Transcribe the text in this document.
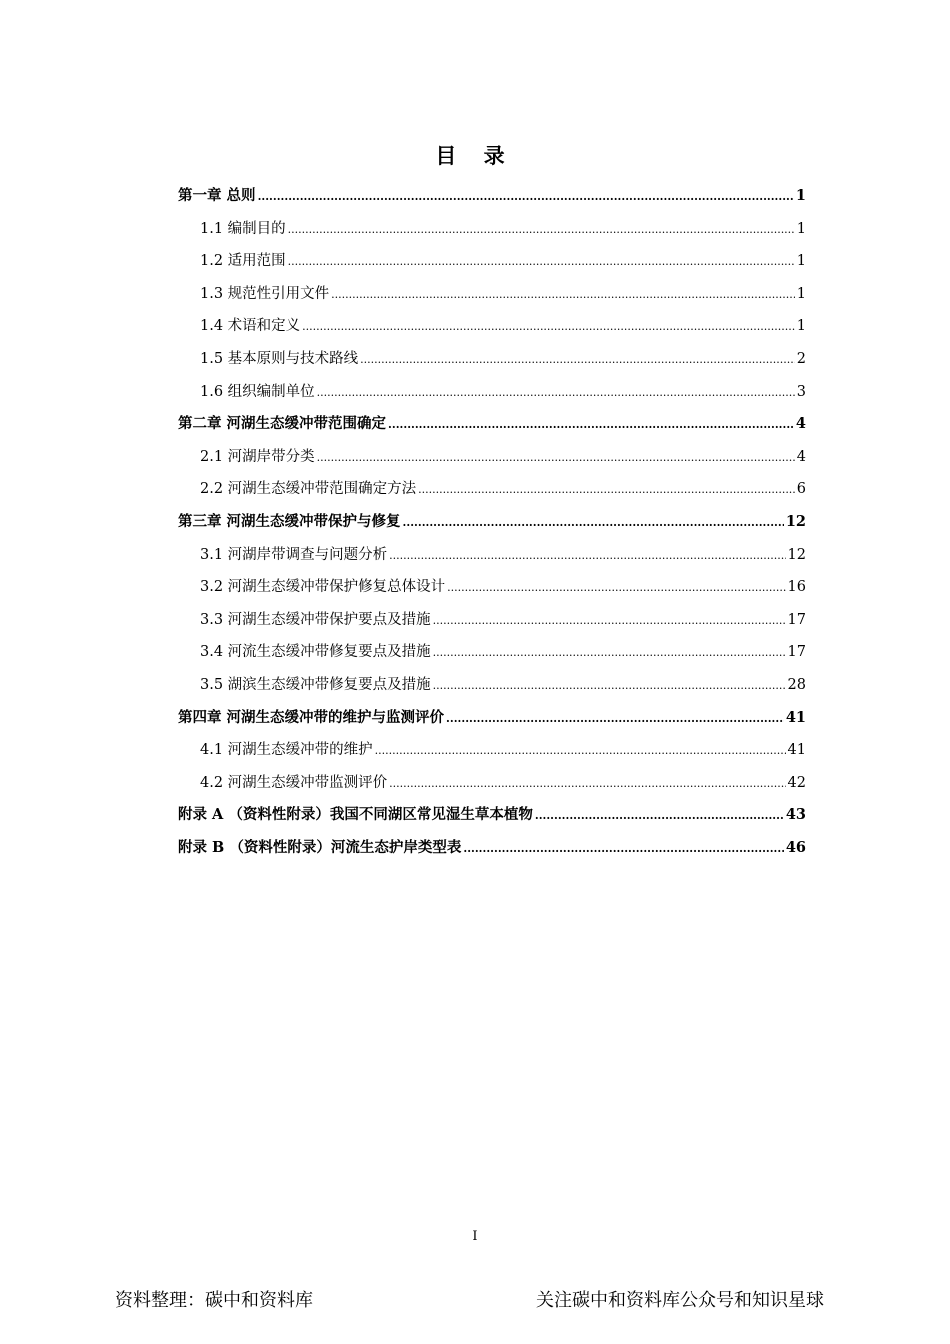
目 录
第一章 总则 .....	1
1.1 编制目的 .....	1
1.2 适用范围 .....	1
1.3 规范性引用文件 .....	1
1.4 术语和定义 .....	1
1.5 基本原则与技术路线 .....	2
1.6 组织编制单位 .....	3
第二章 河湖生态缓冲带范围确定 .....	4
2.1 河湖岸带分类 .....	4
2.2 河湖生态缓冲带范围确定方法 .....	6
第三章 河湖生态缓冲带保护与修复 .....	12
3.1 河湖岸带调查与问题分析 .....	12
3.2 河湖生态缓冲带保护修复总体设计 .....	16
3.3 河湖生态缓冲带保护要点及措施 .....	17
3.4 河流生态缓冲带修复要点及措施 .....	17
3.5 湖滨生态缓冲带修复要点及措施 .....	28
第四章 河湖生态缓冲带的维护与监测评价 .....	41
4.1 河湖生态缓冲带的维护 .....	41
4.2 河湖生态缓冲带监测评价 .....	42
附录 A （资料性附录）我国不同湖区常见湿生草本植物 .....	43
附录 B （资料性附录）河流生态护岸类型表 .....	46
I
资料整理：碳中和资料库	关注碳中和资料库公众号和知识星球
